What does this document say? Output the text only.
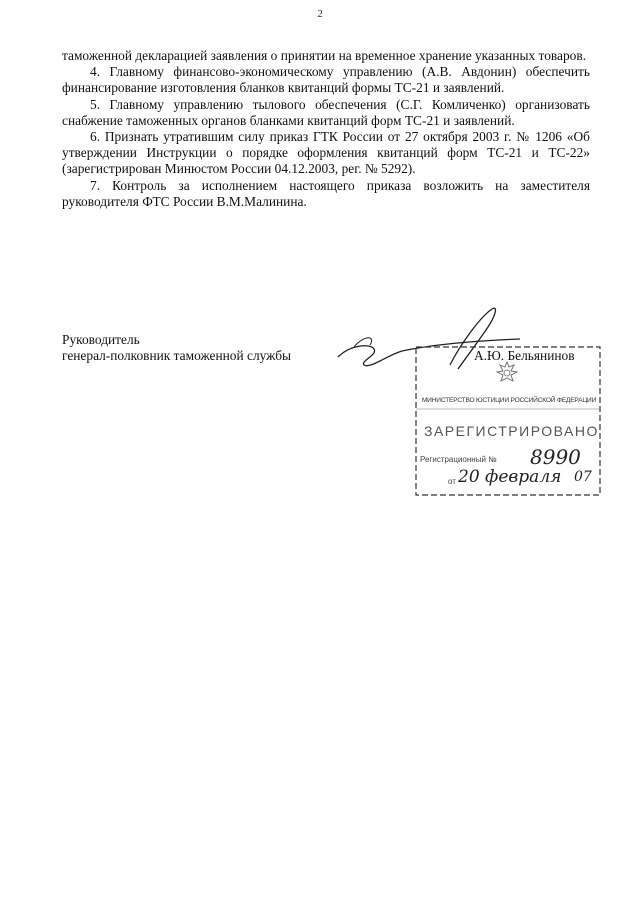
2

таможенной декларацией заявления о принятии на временное хранение указанных товаров.

4. Главному финансово-экономическому управлению (А.В. Авдонин) обеспечить финансирование изготовления бланков квитанций формы ТС-21 и заявлений.

5. Главному управлению тылового обеспечения (С.Г. Комличенко) организовать снабжение таможенных органов бланками квитанций форм ТС-21 и заявлений.

6. Признать утратившим силу приказ ГТК России от 27 октября 2003 г. № 1206 «Об утверждении Инструкции о порядке оформления квитанций форм ТС-21 и ТС-22» (зарегистрирован Минюстом России 04.12.2003, рег. № 5292).

7. Контроль за исполнением настоящего приказа возложить на заместителя руководителя ФТС России В.М.Малинина.

Руководитель
генерал-полковник таможенной службы	А.Ю. Бельянинов
МИНИСТЕРСТВО ЮСТИЦИИ РОССИЙСКОЙ ФЕДЕРАЦИИ
ЗАРЕГИСТРИРОВАНО
Регистрационный № 8990
от 20 февраля 07
